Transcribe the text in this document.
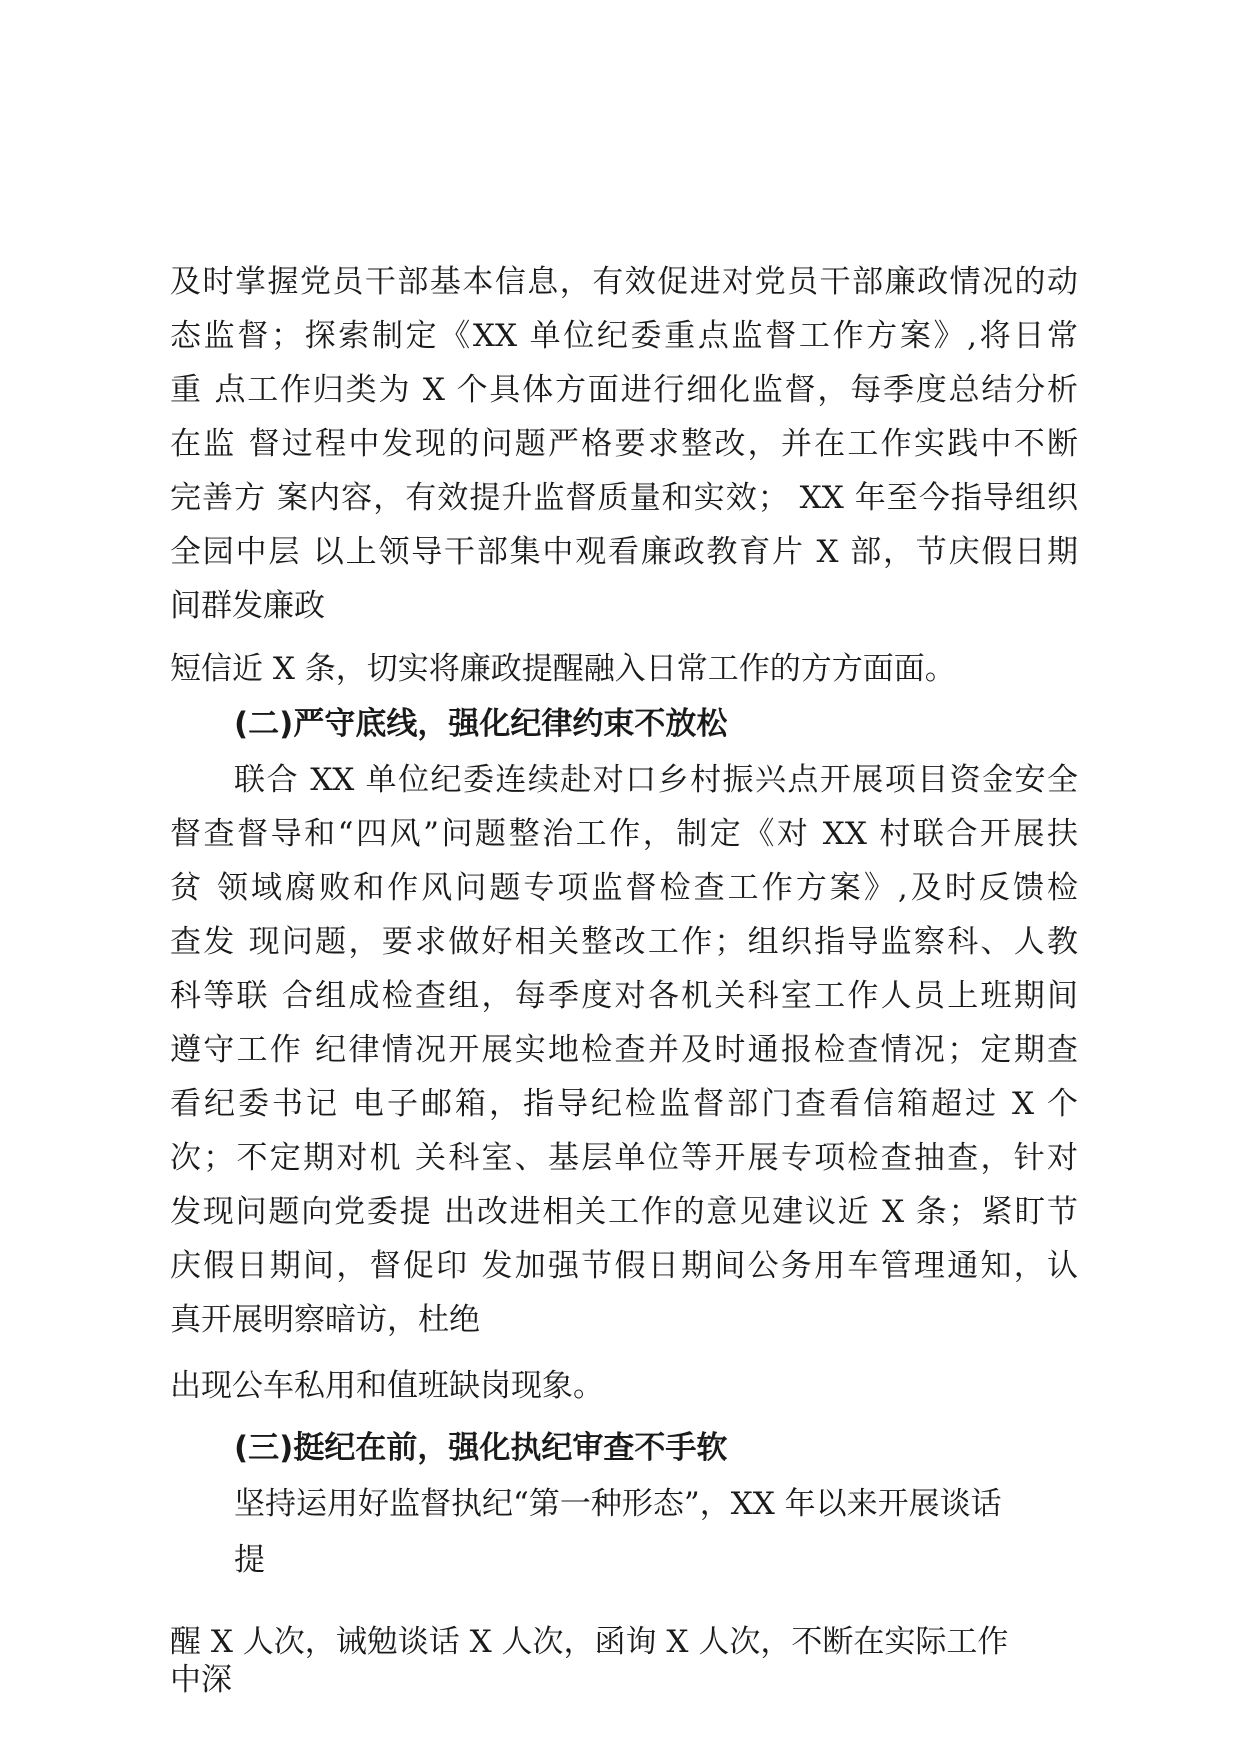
及时掌握党员干部基本信息，有效促进对党员干部廉政情况的动
态监督；探索制定《XX 单位纪委重点监督工作方案》,将日常
重 点工作归类为 X 个具体方面进行细化监督，每季度总结分析
在监 督过程中发现的问题严格要求整改，并在工作实践中不断
完善方 案内容，有效提升监督质量和实效； XX 年至今指导组织
全园中层 以上领导干部集中观看廉政教育片 X 部，节庆假日期
间群发廉政
短信近 X 条，切实将廉政提醒融入日常工作的方方面面。
(二)严守底线，强化纪律约束不放松
联合 XX 单位纪委连续赴对口乡村振兴点开展项目资金安全
督查督导和“四风”问题整治工作，制定《对 XX 村联合开展扶
贫 领域腐败和作风问题专项监督检查工作方案》,及时反馈检
查发 现问题，要求做好相关整改工作；组织指导监察科、人教
科等联 合组成检查组，每季度对各机关科室工作人员上班期间
遵守工作 纪律情况开展实地检查并及时通报检查情况；定期查
看纪委书记 电子邮箱，指导纪检监督部门查看信箱超过 X 个
次；不定期对机 关科室、基层单位等开展专项检查抽查，针对
发现问题向党委提 出改进相关工作的意见建议近 X 条；紧盯节
庆假日期间，督促印 发加强节假日期间公务用车管理通知，认
真开展明察暗访，杜绝
出现公车私用和值班缺岗现象。
(三)挺纪在前，强化执纪审查不手软
坚持运用好监督执纪“第一种形态”，XX 年以来开展谈话
提
醒 X 人次，诫勉谈话 X 人次，函询 X 人次，不断在实际工作
中深
